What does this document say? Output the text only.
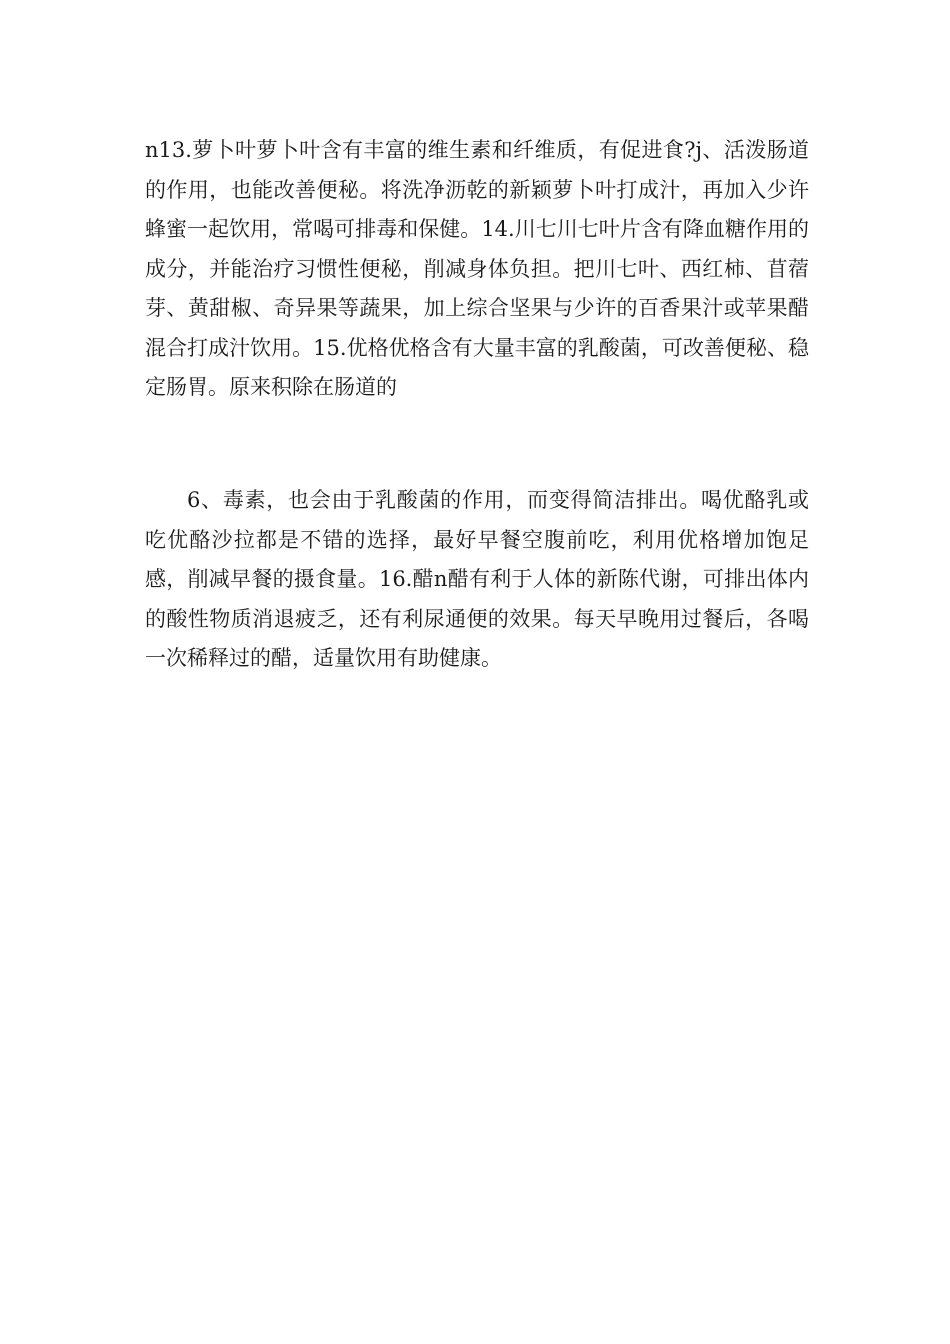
n13.萝卜叶萝卜叶含有丰富的维生素和纤维质，有促进食?j、活泼肠道的作用，也能改善便秘。将洗净沥乾的新颖萝卜叶打成汁，再加入少许蜂蜜一起饮用，常喝可排毒和保健。14.川七川七叶片含有降血糖作用的成分，并能治疗习惯性便秘，削减身体负担。把川七叶、西红柿、苜蓿芽、黄甜椒、奇异果等蔬果，加上综合坚果与少许的百香果汁或苹果醋混合打成汁饮用。15.优格优格含有大量丰富的乳酸菌，可改善便秘、稳定肠胃。原来积除在肠道的

6、毒素，也会由于乳酸菌的作用，而变得简洁排出。喝优酪乳或吃优酪沙拉都是不错的选择，最好早餐空腹前吃，利用优格增加饱足感，削减早餐的摄食量。16.醋n醋有利于人体的新陈代谢，可排出体内的酸性物质消退疲乏，还有利尿通便的效果。每天早晚用过餐后，各喝一次稀释过的醋，适量饮用有助健康。
